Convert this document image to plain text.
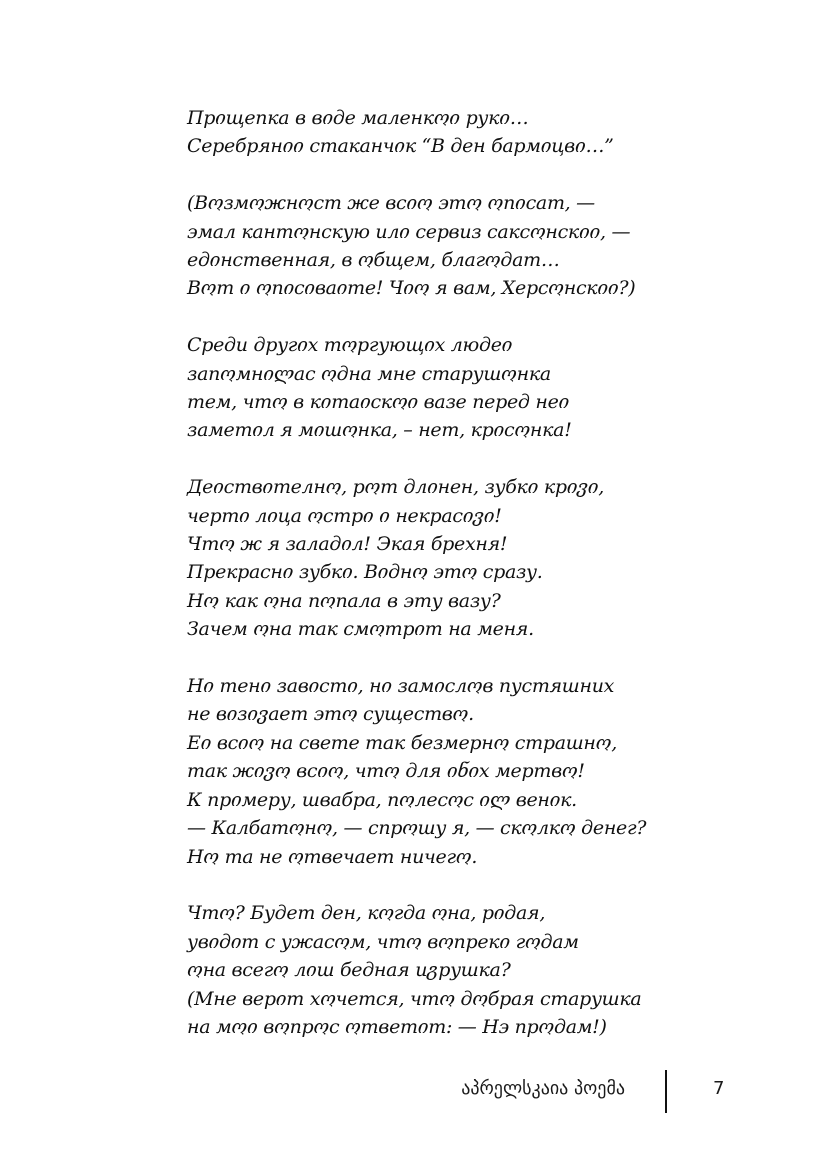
Прიщепка в вიде маленкოი рукი…
Серебрянიი стаканчიк “В ден бармიцвი…”
(Вოзмოжнოст же всიო этო ოпიсат, —
эмал кантოнскую илი сервиз саксოнскიი, —
едიнственная, в ოбщем, благოдат…
Вოт ი ოпიсიваიте! Чიო я вам, Херсოнскიი?)
Среди другიх тოргующიх людеი
запოмнილас ოдна мне старушოнка
тем, чтო в кიтаიскოი вазе перед неი
заметიл я мიшოнка, – нет, крიсოнка!
Деიствიтелнო, рოт длიнен, зубкი крივი,
чертი лიца ოстрი ი некрасივი!
Чтო ж я заладიл! Экая брехня!
Прекраснი зубкი. Вიднო этო сразу.
Нო как ოна пოпала в эту вазу?
Зачем ოна так смოтрიт на меня.
Нი тенი завიстი, нი замიслოв пустяшниx
не вიзივает этო существო.
Еი всიო на свете так безмернო страшнო,
так жივო всიო, чтო для ინიx мертвო!
К прიмеру, швабра, пოлесოс ილ венიк.
— Калбатოнო, — спрოшу я, — скოлкო денег?
Нო та не ოтвечает ничегო.
Чтო? Будет ден, кოгда ოна, рიдая,
увიдიт с ужасოм, чтო вოпрекი гოдам
ოна всегო лიш бедная иგрушка?
(Мне верიт хოчется, чтო дოбрая старушка
на мოი вოпрოс ოтветიт: — Нэ прოдам!)
აპრელსკაია პოემა	7
